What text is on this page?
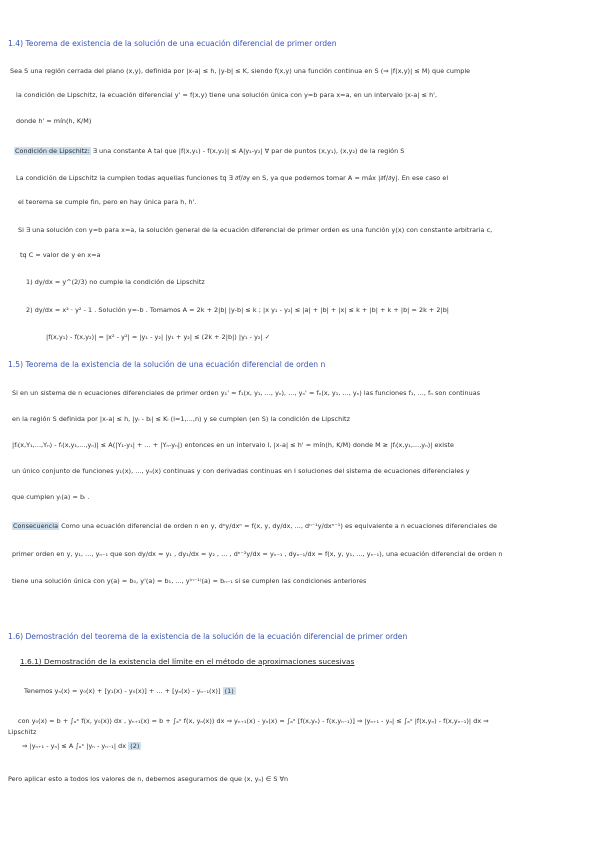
1.4) Teorema de existencia de la solución de una ecuación diferencial de primer orden
Sea S una región cerrada del plano (x,y), definida por |x-a| ≤ h, |y-b| ≤ K, siendo f(x,y) una función continua en S (⇒ |f(x,y)| ≤ M) que cumple
la condición de Lipschitz, la ecuación diferencial y' = f(x,y) tiene una solución única con y=b para x=a, en un intervalo |x-a| ≤ h',
donde h' = mín(h, K/M)
Condición de Lipschitz: ∃ una constante A tal que |f(x,y₁) - f(x,y₂)| ≤ A|y₁-y₂| ∀ par de puntos (x,y₁), (x,y₂) de la región S
La condición de Lipschitz la cumplen todas aquellas funciones tq ∃ ∂f/∂y en S, ya que podemos tomar A = máx |∂f/∂y|. En ese caso el
el teorema se cumple fin, pero en hay única para h, h'.
Si ∃ una solución con y=b para x=a, la solución general de la ecuación diferencial de primer orden es una función y(x) con constante arbitraria c,
tq C = valor de y en x=a
1) dy/dx = y^(2/3) no cumple la condición de Lipschitz
2) dy/dx = x² · y² - 1 . Solución y=-b . Tomamos A = 2k + 2|b| |y-b| ≤ k ; |x y₁ - y₂| ≤ |a| + |b| + |x| ≤ k + |b| + k + |b| = 2k + 2|b|
|f(x,y₁) - f(x,y₂)| = |x² - y²| = |y₁ - y₂| |y₁ + y₂| ≤ (2k + 2|b|) |y₁ - y₂| ✓
1.5) Teorema de la existencia de la solución de una ecuación diferencial de orden n
Si en un sistema de n ecuaciones diferenciales de primer orden y₁' = f₁(x, y₁, ..., yₙ), ..., yₙ' = fₙ(x, y₁, ..., yₙ) las funciones f₁, ..., fₙ son continuas
en la región S definida por |x-a| ≤ h, |yᵢ - bᵢ| ≤ Kᵢ (i=1,...,n) y se cumplen (en S) la condición de Lipschitz
|fᵢ(x,Y₁,...,Yₙ) - fᵢ(x,y₁,...,yₙ)| ≤ A(|Y₁-y₁| + ... + |Yₙ-yₙ|) entonces en un intervalo I, |x-a| ≤ h' = mín(h, K/M) donde M ≥ |fᵢ(x,y₁,...,yₙ)| existe
un único conjunto de funciones y₁(x), ..., yₙ(x) continuas y con derivadas continuas en I soluciones del sistema de ecuaciones diferenciales y
que cumplen yᵢ(a) = bᵢ .
Consecuencia Como una ecuación diferencial de orden n en y, dⁿy/dxⁿ = f(x, y, dy/dx, ..., dⁿ⁻¹y/dxⁿ⁻¹) es equivalente a n ecuaciones diferenciales de
primer orden en y, y₁, ..., yₙ₋₁ que son dy/dx = y₁ , dy₁/dx = y₂ , ... , dⁿ⁻²y/dx = yₙ₋₁ , dyₙ₋₁/dx = f(x, y, y₁, ..., yₙ₋₁), una ecuación diferencial de orden n
tiene una solución única con y(a) = b₀, y'(a) = b₁, ..., y⁽ⁿ⁻¹⁾(a) = bₙ₋₁ si se cumplen las condiciones anteriores
1.6) Demostración del teorema de la existencia de la solución de la ecuación diferencial de primer orden
1.6.1) Demostración de la existencia del límite en el método de aproximaciones sucesivas
Tenemos yₙ(x) = y₀(x) + [y₁(x) - y₀(x)] + ... + [yₙ(x) - yₙ₋₁(x)] (1)
con y₀(x) = b + ∫ₐˣ f(x, y₀(x)) dx , yₙ₊₁(x) = b + ∫ₐˣ f(x, yₙ(x)) dx ⇒ yₙ₊₁(x) - yₙ(x) = ∫ₐˣ [f(x,yₙ) - f(x,yₙ₋₁)] ⇒ |yₙ₊₁ - yₙ| ≤ ∫ₐˣ |f(x,yₙ) - f(x,yₙ₋₁)| dx ⇒
Lipschitz
⇒ |yₙ₊₁ - yₙ| ≤ A ∫ₐˣ |yₙ - yₙ₋₁| dx (2)
Pero aplicar esto a todos los valores de n, debemos asegurarnos de que (x, yₙ) ∈ S ∀n
